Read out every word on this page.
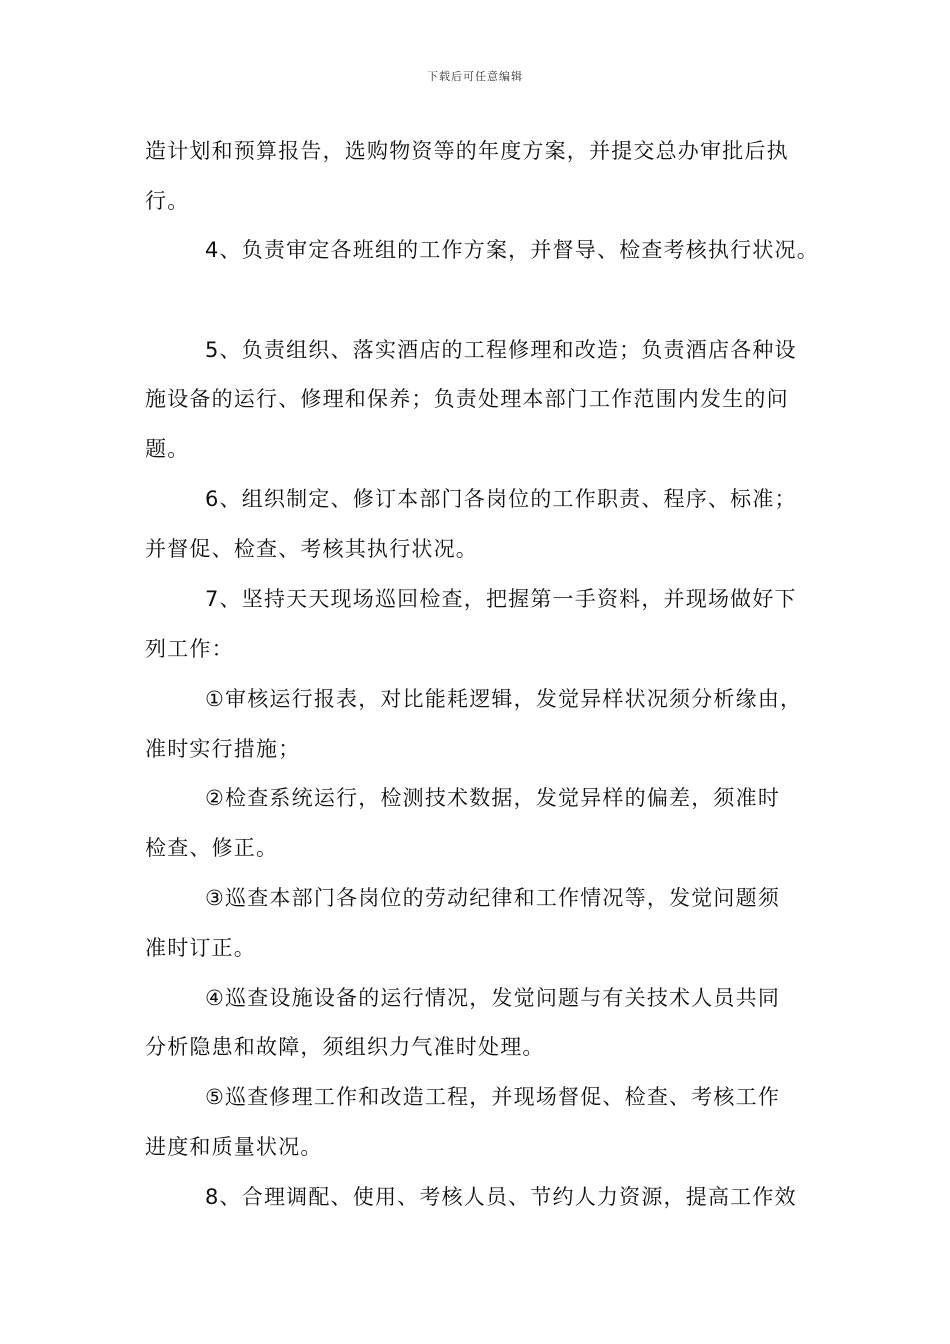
下载后可任意编辑
造计划和预算报告，选购物资等的年度方案，并提交总办审批后执
行。
4、负责审定各班组的工作方案，并督导、检查考核执行状况。
5、负责组织、落实酒店的工程修理和改造；负责酒店各种设
施设备的运行、修理和保养；负责处理本部门工作范围内发生的问
题。
6、组织制定、修订本部门各岗位的工作职责、程序、标准；
并督促、检查、考核其执行状况。
7、坚持天天现场巡回检查，把握第一手资料，并现场做好下
列工作：
①审核运行报表，对比能耗逻辑，发觉异样状况须分析缘由，
准时实行措施；
②检查系统运行，检测技术数据，发觉异样的偏差，须准时
检查、修正。
③巡查本部门各岗位的劳动纪律和工作情况等，发觉问题须
准时订正。
④巡查设施设备的运行情况，发觉问题与有关技术人员共同
分析隐患和故障，须组织力气准时处理。
⑤巡查修理工作和改造工程，并现场督促、检查、考核工作
进度和质量状况。
8、合理调配、使用、考核人员、节约人力资源，提高工作效
